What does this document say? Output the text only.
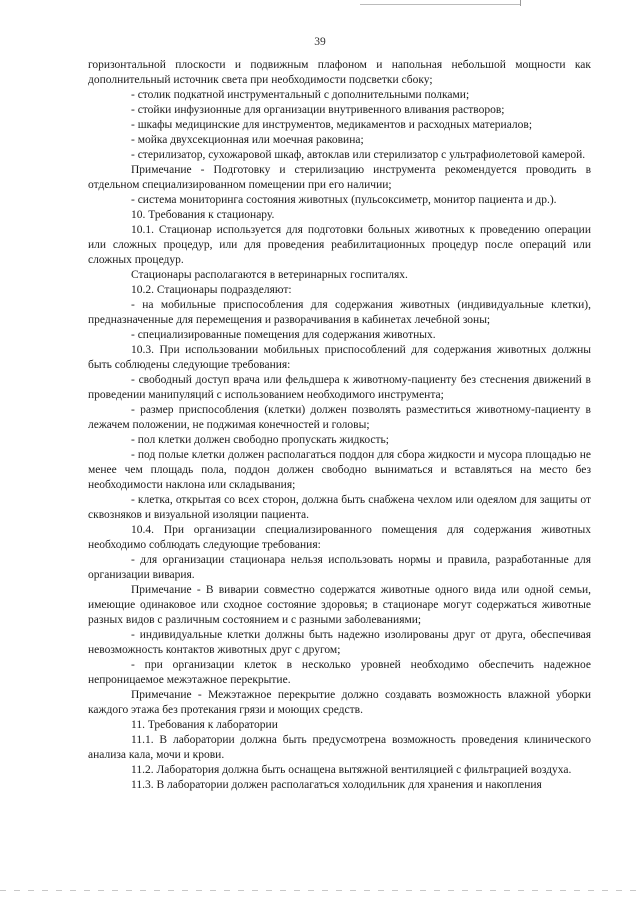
39

горизонтальной плоскости и подвижным плафоном и напольная небольшой мощности как дополнительный источник света при необходимости подсветки сбоку;

- столик подкатной инструментальный с дополнительными полками;

- стойки инфузионные для организации внутривенного вливания растворов;

- шкафы медицинские для инструментов, медикаментов и расходных материалов;

- мойка двухсекционная или моечная раковина;

- стерилизатор, сухожаровой шкаф, автоклав или стерилизатор с ультрафиолетовой камерой.

Примечание - Подготовку и стерилизацию инструмента рекомендуется проводить в отдельном специализированном помещении при его наличии;

- система мониторинга состояния животных (пульсоксиметр, монитор пациента и др.).

10. Требования к стационару.

10.1. Стационар используется для подготовки больных животных к проведению операции или сложных процедур, или для проведения реабилитационных процедур после операций или сложных процедур.

Стационары располагаются в ветеринарных госпиталях.

10.2. Стационары подразделяют:

- на мобильные приспособления для содержания животных (индивидуальные клетки), предназначенные для перемещения и разворачивания в кабинетах лечебной зоны;

- специализированные помещения для содержания животных.

10.3. При использовании мобильных приспособлений для содержания животных должны быть соблюдены следующие требования:

- свободный доступ врача или фельдшера к животному-пациенту без стеснения движений в проведении манипуляций с использованием необходимого инструмента;

- размер приспособления (клетки) должен позволять разместиться животному-пациенту в лежачем положении, не поджимая конечностей и головы;

- пол клетки должен свободно пропускать жидкость;

- под полые клетки должен располагаться поддон для сбора жидкости и мусора площадью не менее чем площадь пола, поддон должен свободно выниматься и вставляться на место без необходимости наклона или складывания;

- клетка, открытая со всех сторон, должна быть снабжена чехлом или одеялом для защиты от сквозняков и визуальной изоляции пациента.

10.4. При организации специализированного помещения для содержания животных необходимо соблюдать следующие требования:

- для организации стационара нельзя использовать нормы и правила, разработанные для организации вивария.

Примечание - В виварии совместно содержатся животные одного вида или одной семьи, имеющие одинаковое или сходное состояние здоровья; в стационаре могут содержаться животные разных видов с различным состоянием и с разными заболеваниями;

- индивидуальные клетки должны быть надежно изолированы друг от друга, обеспечивая невозможность контактов животных друг с другом;

- при организации клеток в несколько уровней необходимо обеспечить надежное непроницаемое межэтажное перекрытие.

Примечание - Межэтажное перекрытие должно создавать возможность влажной уборки каждого этажа без протекания грязи и моющих средств.

11. Требования к лаборатории

11.1. В лаборатории должна быть предусмотрена возможность проведения клинического анализа кала, мочи и крови.

11.2. Лаборатория должна быть оснащена вытяжной вентиляцией с фильтрацией воздуха.

11.3. В лаборатории должен располагаться холодильник для хранения и накопления
